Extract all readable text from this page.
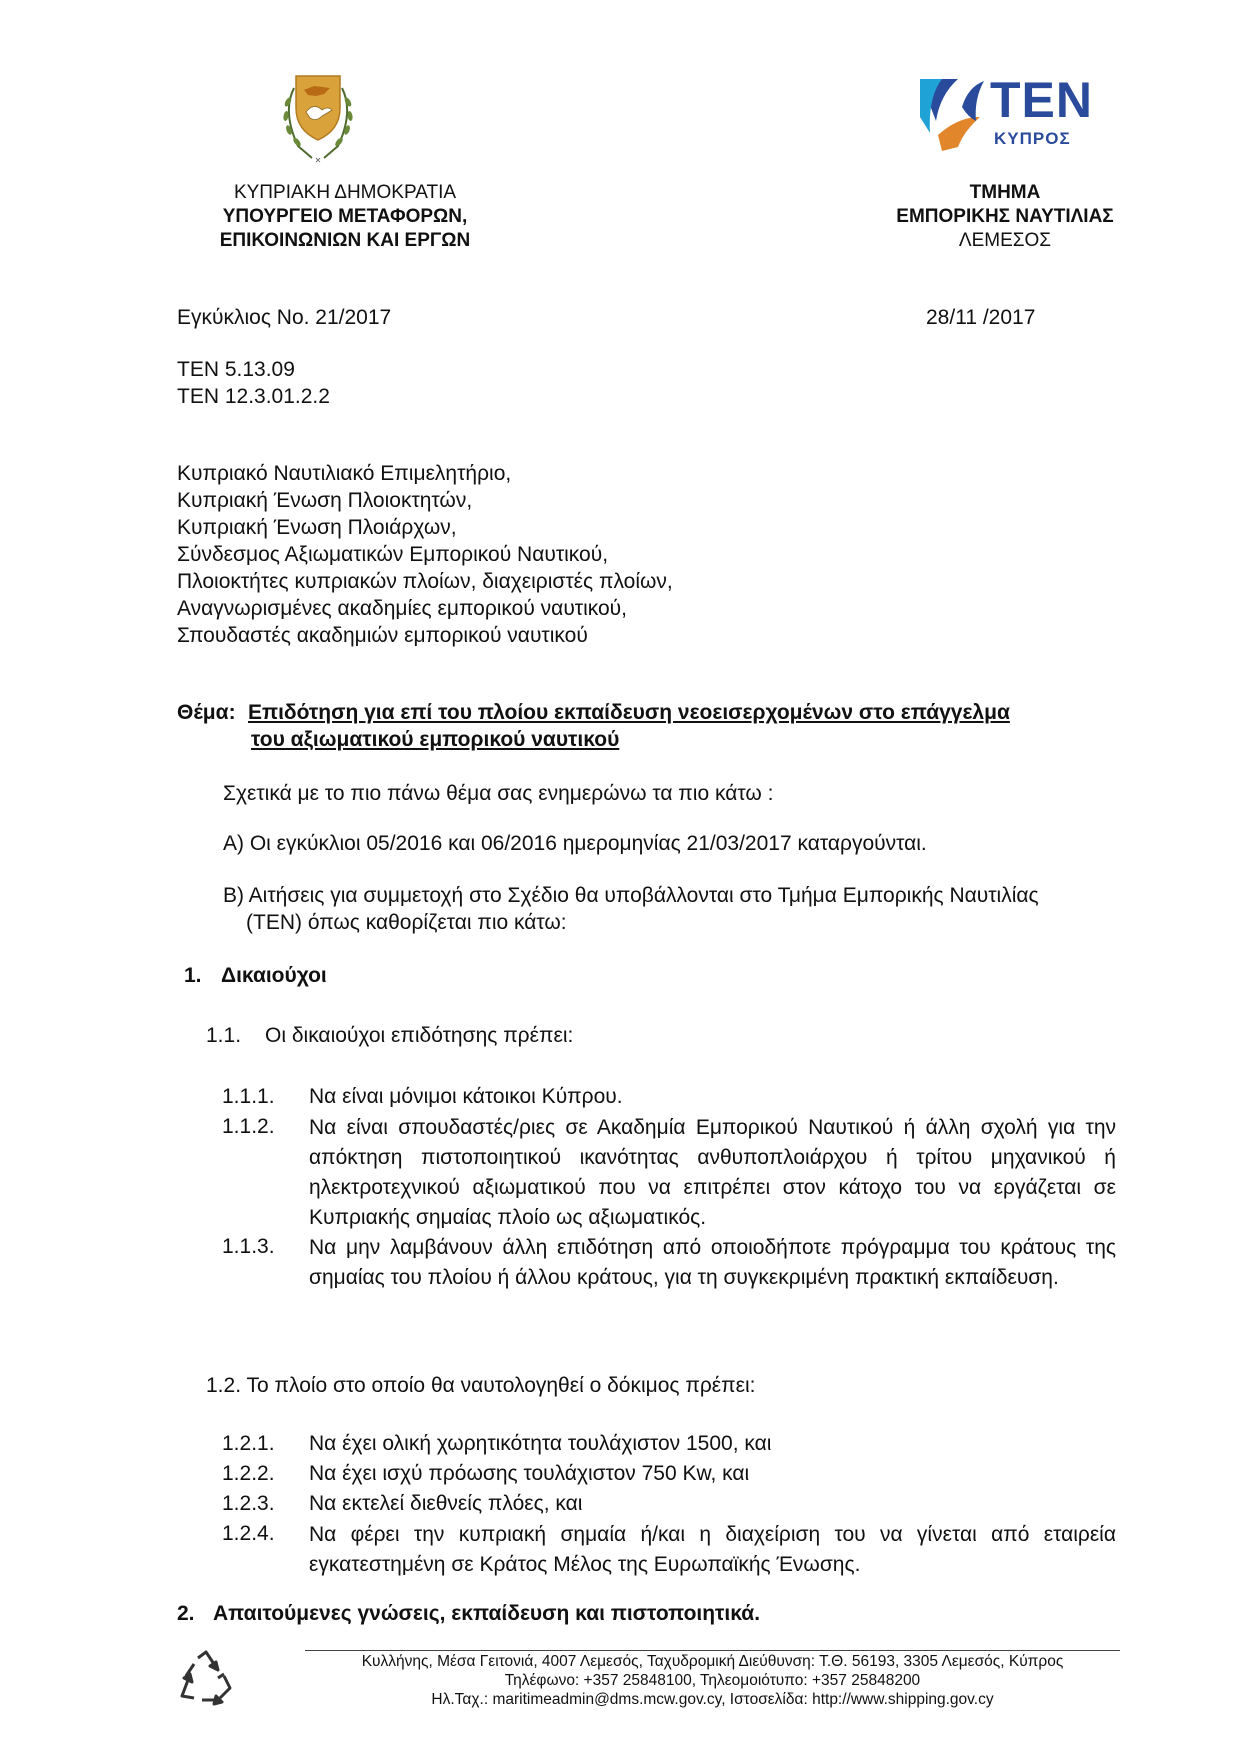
✕
ΚΥΠΡΙΑΚΗ ΔΗΜΟΚΡΑΤΙΑ
ΥΠΟΥΡΓΕΙΟ ΜΕΤΑΦΟΡΩΝ,
ΕΠΙΚΟΙΝΩΝΙΩΝ ΚΑΙ ΕΡΓΩΝ
ΤΕΝ
ΚΥΠΡΟΣ
ΤΜΗΜΑ
ΕΜΠΟΡΙΚΗΣ ΝΑΥΤΙΛΙΑΣ
ΛΕΜΕΣΟΣ
Εγκύκλιος Νο. 21/2017	28/11 /2017
ΤΕΝ 5.13.09
ΤΕΝ 12.3.01.2.2
Κυπριακό Ναυτιλιακό Επιμελητήριο,
Κυπριακή Ένωση Πλοιοκτητών,
Κυπριακή Ένωση Πλοιάρχων,
Σύνδεσμος Αξιωματικών Εμπορικού Ναυτικού,
Πλοιοκτήτες κυπριακών πλοίων, διαχειριστές πλοίων,
Αναγνωρισμένες ακαδημίες εμπορικού ναυτικού,
Σπουδαστές ακαδημιών εμπορικού ναυτικού
Θέμα: Επιδότηση για επί του πλοίου εκπαίδευση νεοεισερχομένων στο επάγγελμα
του αξιωματικού εμπορικού ναυτικού
Σχετικά με το πιο πάνω θέμα σας ενημερώνω τα πιο κάτω :
Α) Οι εγκύκλιοι 05/2016 και 06/2016 ημερομηνίας 21/03/2017 καταργούνται.
Β) Αιτήσεις για συμμετοχή στο Σχέδιο θα υποβάλλονται στο Τμήμα Εμπορικής Ναυτιλίας
(ΤΕΝ) όπως καθορίζεται πιο κάτω:
1. Δικαιούχοι
1.1. Οι δικαιούχοι επιδότησης πρέπει:
1.1.1. Να είναι μόνιμοι κάτοικοι Κύπρου.
1.1.2. Να είναι σπουδαστές/ριες σε Ακαδημία Εμπορικού Ναυτικού ή άλλη σχολή για την απόκτηση πιστοποιητικού ικανότητας ανθυποπλοιάρχου ή τρίτου μηχανικού ή ηλεκτροτεχνικού αξιωματικού που να επιτρέπει στον κάτοχο του να εργάζεται σε Κυπριακής σημαίας πλοίο ως αξιωματικός.
1.1.3. Να μην λαμβάνουν άλλη επιδότηση από οποιοδήποτε πρόγραμμα του κράτους της σημαίας του πλοίου ή άλλου κράτους, για τη συγκεκριμένη πρακτική εκπαίδευση.
1.2. Το πλοίο στο οποίο θα ναυτολογηθεί ο δόκιμος πρέπει:
1.2.1. Να έχει ολική χωρητικότητα τουλάχιστον 1500, και
1.2.2. Να έχει ισχύ πρόωσης τουλάχιστον 750 Kw, και
1.2.3. Να εκτελεί διεθνείς πλόες, και
1.2.4. Να φέρει την κυπριακή σημαία ή/και η διαχείριση του να γίνεται από εταιρεία εγκατεστημένη σε Κράτος Μέλος της Ευρωπαϊκής Ένωσης.
2. Απαιτούμενες γνώσεις, εκπαίδευση και πιστοποιητικά.
Κυλλήνης, Μέσα Γειτονιά, 4007 Λεμεσός, Ταχυδρομική Διεύθυνση: Τ.Θ. 56193, 3305 Λεμεσός, Κύπρος
Τηλέφωνο: +357 25848100, Τηλεομοιότυπο: +357 25848200
Ηλ.Ταχ.: maritimeadmin@dms.mcw.gov.cy, Ιστοσελίδα: http://www.shipping.gov.cy
